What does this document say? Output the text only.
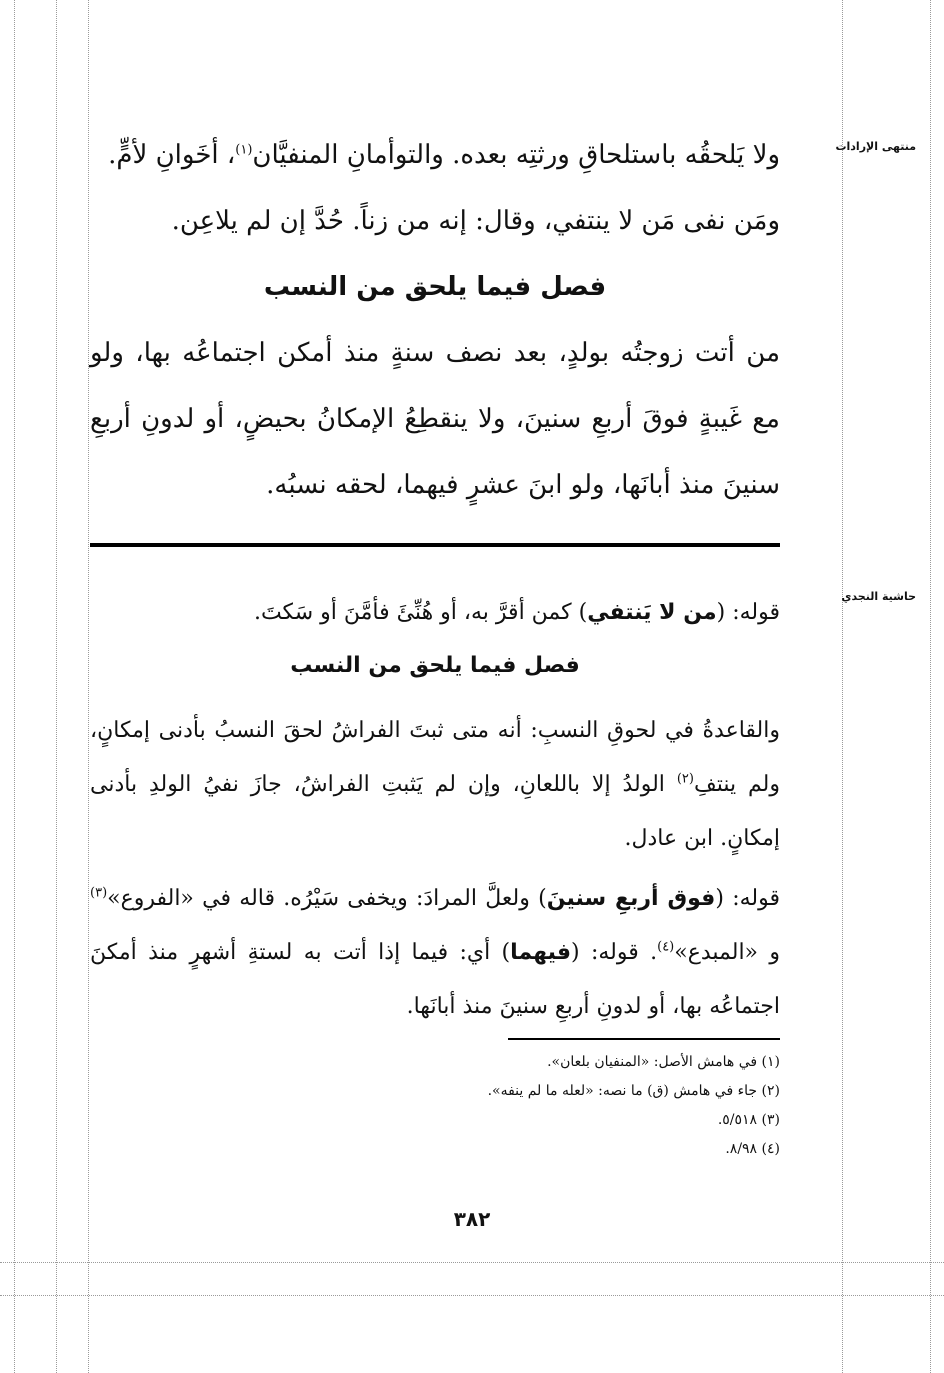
منتهى الإرادات
حاشية النجدي

ولا يَلحقُه باستلحاقِ ورثتِه بعده. والتوأمانِ المنفيَّان$^{(١)}$، أخَوانِ لأمٍّ.

ومَن نفى مَن لا ينتفي، وقال: إنه من زناً. حُدَّ إن لم يلاعِن.

فصل فيما يلحق من النسب

من أتت زوجتُه بولدٍ، بعد نصف سنةٍ منذ أمكن اجتماعُه بها، ولو مع غَيبةٍ فوقَ أربعِ سنينَ، ولا ينقطِعُ الإمكانُ بحيضٍ، أو لدونِ أربعِ سنينَ منذ أبانَها، ولو ابنَ عشرٍ فيهما، لحقه نسبُه.

قوله: (من لا يَنتفي) كمن أقرَّ به، أو هُنِّئَ فأمَّنَ أو سَكتَ.

فصل فيما يلحق من النسب

والقاعدةُ في لحوقِ النسبِ: أنه متى ثبتَ الفراشُ لحقَ النسبُ بأدنى إمكانٍ، ولم ينتفِ$^{(٢)}$ الولدُ إلا باللعانِ، وإن لم يَثبتِ الفراشُ، جازَ نفيُ الولدِ بأدنى إمكانٍ. ابن عادل.

قوله: (فوق أربعِ سنينَ) ولعلَّ المرادَ: ويخفى سَيْرُه. قاله في «الفروع»$^{(٣)}$ و «المبدع»$^{(٤)}$. قوله: (فيهما) أي: فيما إذا أتت به لستةِ أشهرٍ منذ أمكنَ اجتماعُه بها، أو لدونِ أربعِ سنينَ منذ أبانَها.

(١) في هامش الأصل: «المنفيان بلعان».
(٢) جاء في هامش (ق) ما نصه: «لعله ما لم ينفه».
(٣) ٥/٥١٨.
(٤) ٨/٩٨.
٣٨٢
